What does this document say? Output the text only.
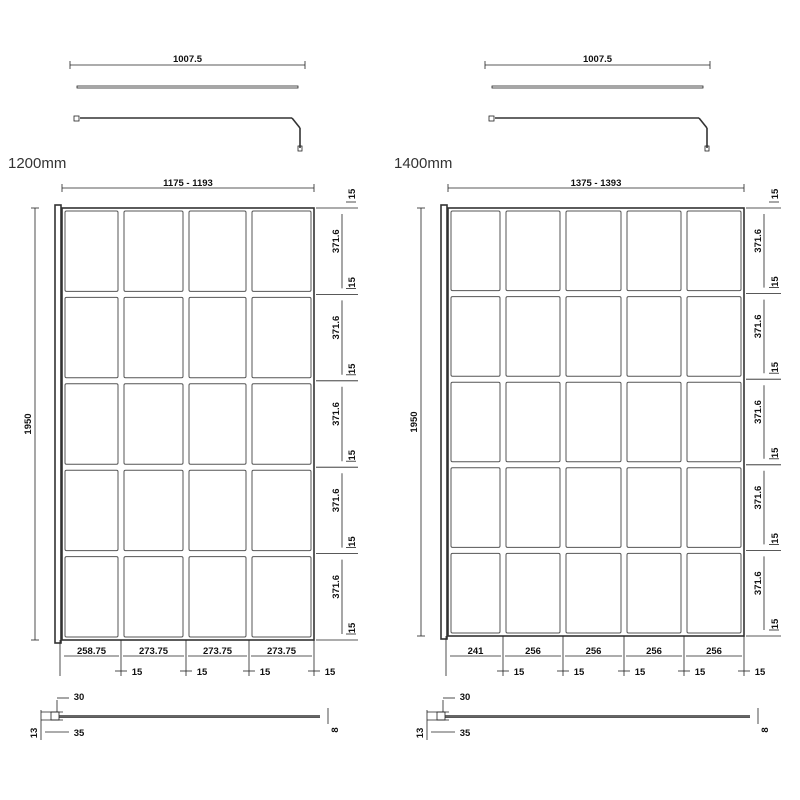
1200mm
1007.5
1175 - 1193
1950
371.6
15
371.6
15
371.6
15
371.6
15
371.6
15
15
258.75
15
273.75
15
273.75
15
273.75
15
30
35
13	8
1400mm
1007.5
1375 - 1393
1950
371.6
15
371.6
15
371.6
15
371.6
15
371.6
15
15
241
15
256
15
256
15
256
15
256
15
30
35
13	8
